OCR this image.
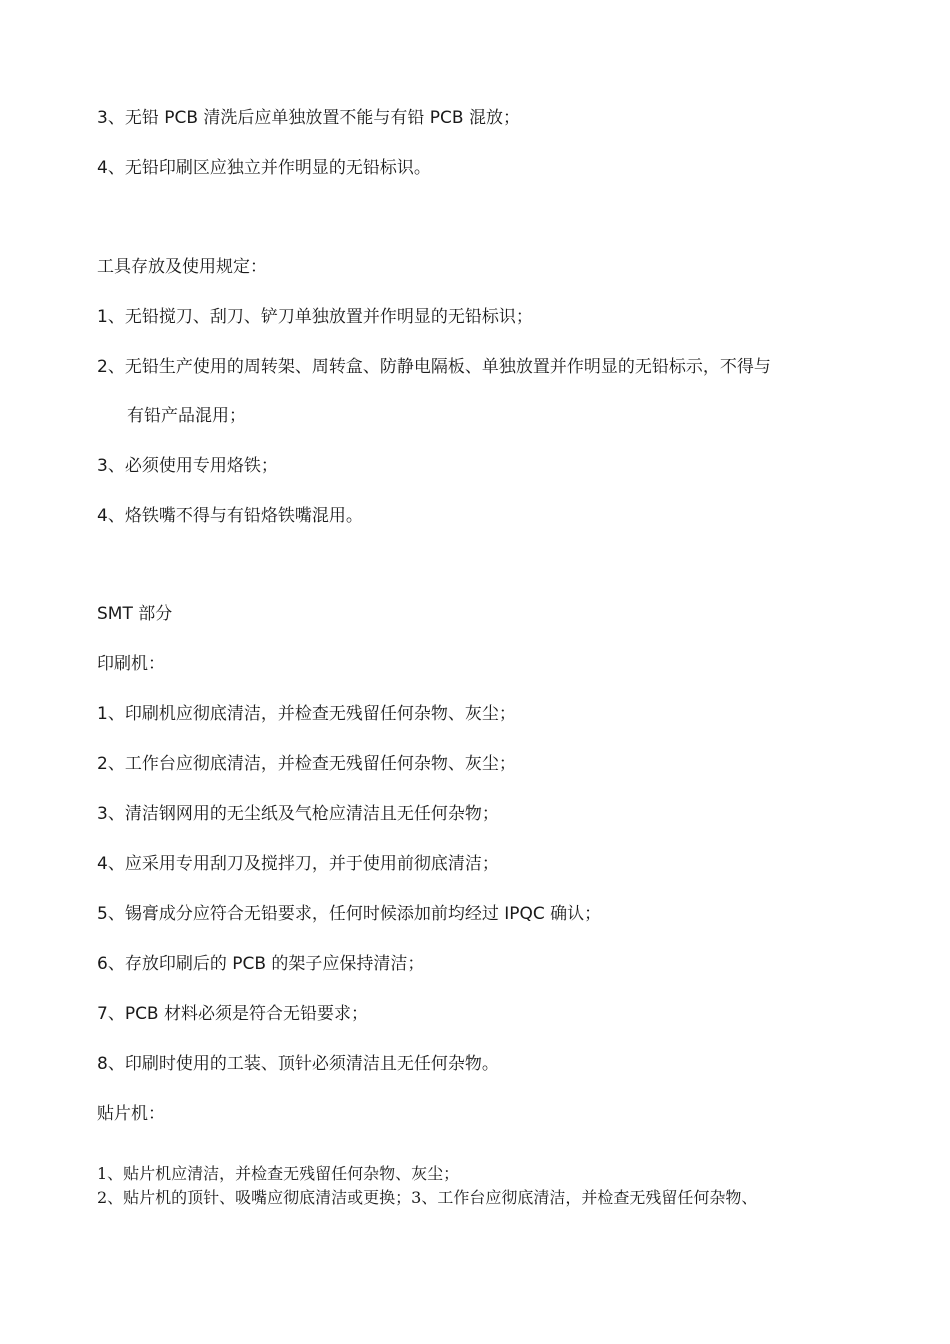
3、无铅 PCB 清洗后应单独放置不能与有铅 PCB 混放；

4、无铅印刷区应独立并作明显的无铅标识。

工具存放及使用规定：

1、无铅搅刀、刮刀、铲刀单独放置并作明显的无铅标识；

2、无铅生产使用的周转架、周转盒、防静电隔板、单独放置并作明显的无铅标示，不得与

有铅产品混用；

3、必须使用专用烙铁；

4、烙铁嘴不得与有铅烙铁嘴混用。

SMT 部分

印刷机：

1、印刷机应彻底清洁，并检查无残留任何杂物、灰尘；

2、工作台应彻底清洁，并检查无残留任何杂物、灰尘；

3、清洁钢网用的无尘纸及气枪应清洁且无任何杂物；

4、应采用专用刮刀及搅拌刀，并于使用前彻底清洁；

5、锡膏成分应符合无铅要求，任何时候添加前均经过 IPQC 确认；

6、存放印刷后的 PCB 的架子应保持清洁；

7、PCB 材料必须是符合无铅要求；

8、印刷时使用的工装、顶针必须清洁且无任何杂物。

贴片机：

1、贴片机应清洁，并检查无残留任何杂物、灰尘；

2、贴片机的顶针、吸嘴应彻底清洁或更换；3、工作台应彻底清洁，并检查无残留任何杂物、
